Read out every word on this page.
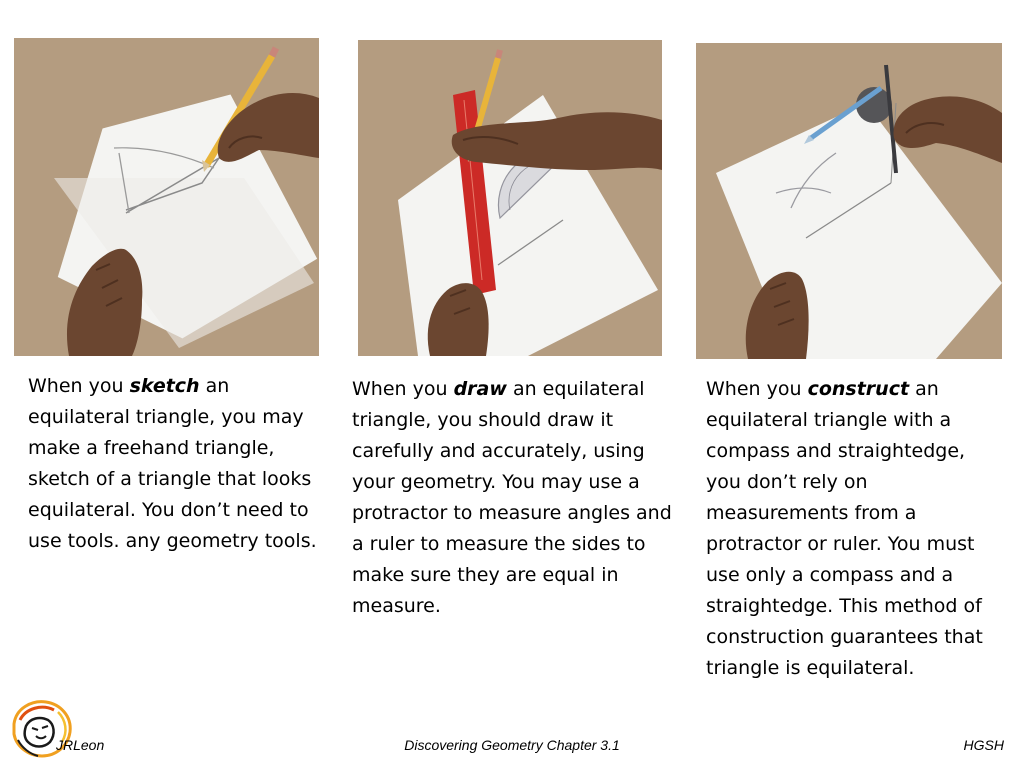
When you sketch an equilateral triangle, you may make a freehand triangle, sketch of a triangle that looks equilateral. You don’t need to use tools. any geometry tools.

When you draw an equilateral triangle, you should draw it carefully and accurately, using your geometry. You may use a protractor to measure angles and a ruler to measure the sides to make sure they are equal in measure.

When you construct an equilateral triangle with a compass and straightedge, you don’t rely on measurements from a protractor or ruler. You must use only a compass and a straightedge. This method of construction guarantees that triangle is equilateral.

JRLeon	Discovering Geometry Chapter 3.1	HGSH
